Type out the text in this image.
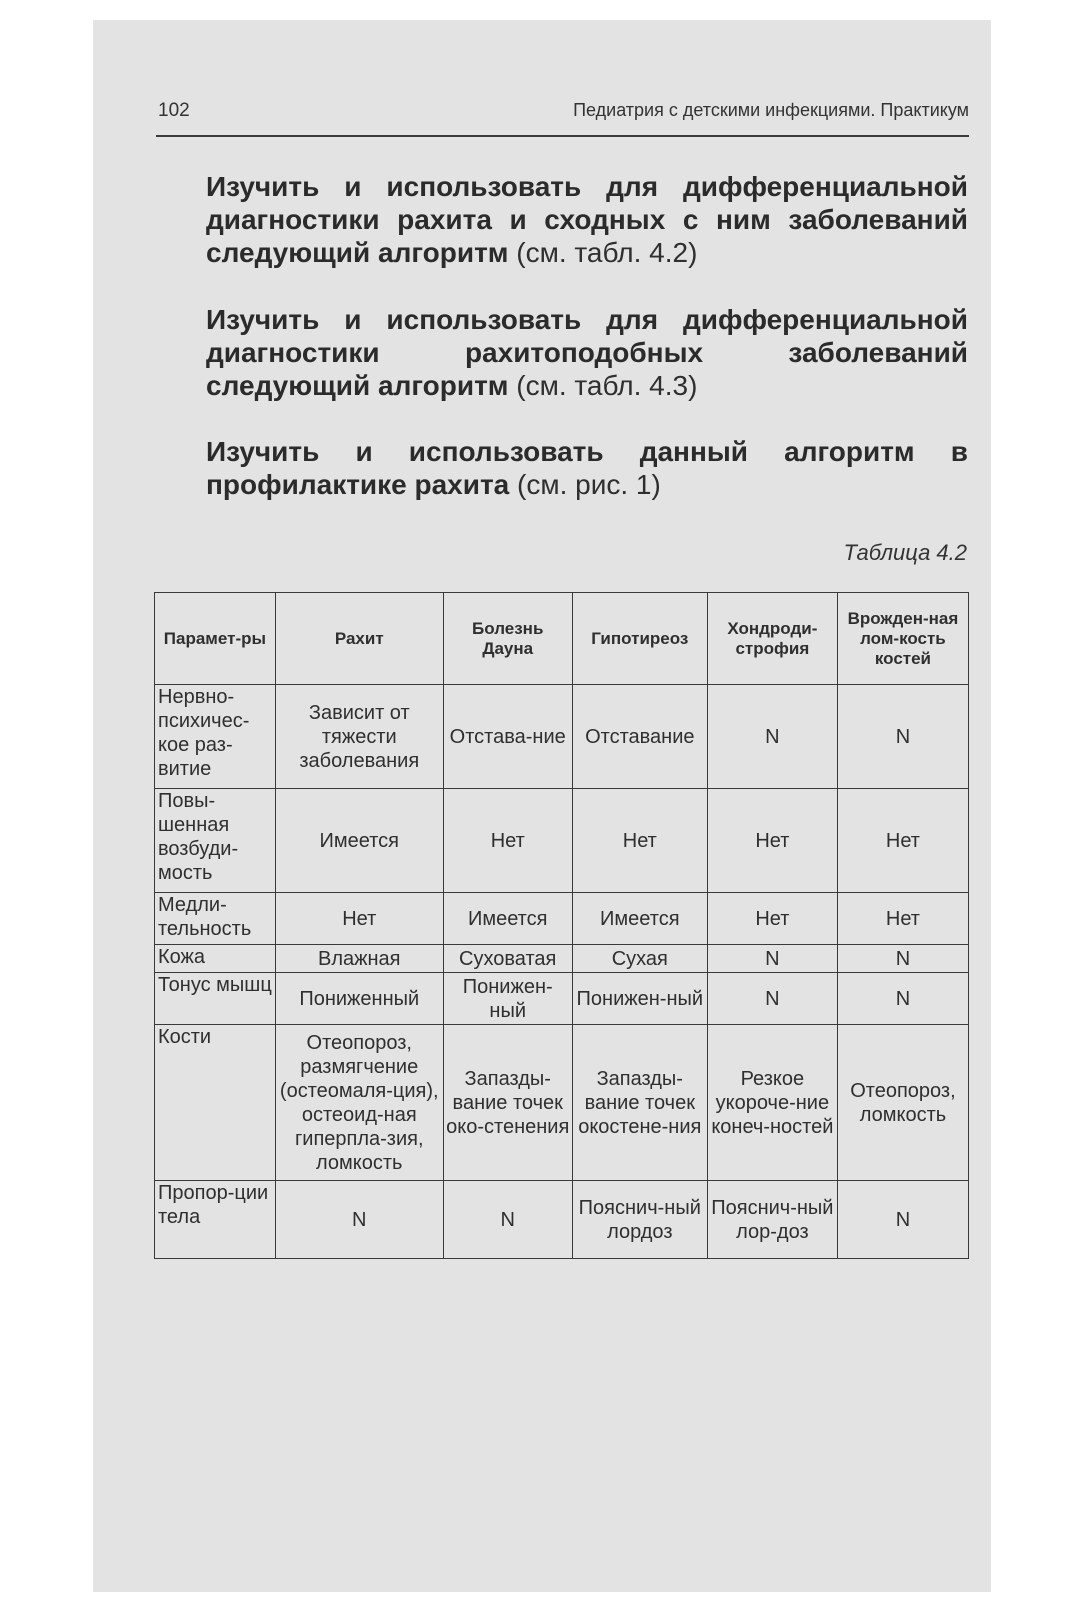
102	Педиатрия с детскими инфекциями. Практикум

Изучить и использовать для дифференциальной диагностики рахита и сходных с ним заболеваний следующий алгоритм (см. табл. 4.2)

Изучить и использовать для дифференциальной диагностики рахитоподобных заболеваний следующий алгоритм (см. табл. 4.3)

Изучить и использовать данный алгоритм в профилактике рахита (см. рис. 1)

Таблица 4.2
Парамет-ры	Рахит	Болезнь Дауна	Гипотиреоз	Хондроди-строфия	Врожден-ная лом-кость костей
Нервно-психичес-кое раз-витие	Зависит от тяжести заболевания	Отстава-ние	Отставание	N	N
Повы-шенная возбуди-мость	Имеется	Нет	Нет	Нет	Нет
Медли-тельность	Нет	Имеется	Имеется	Нет	Нет
Кожа	Влажная	Суховатая	Сухая	N	N
Тонус мышц	Пониженный	Понижен-ный	Понижен-ный	N	N
Кости	Отеопороз, размягчение (остеомаля-ция), остеоид-ная гиперпла-зия, ломкость	Запазды-вание точек око-стенения	Запазды-вание точек окостене-ния	Резкое укороче-ние конеч-ностей	Отеопороз, ломкость
Пропор-ции тела	N	N	Пояснич-ный лордоз	Пояснич-ный лор-доз	N
